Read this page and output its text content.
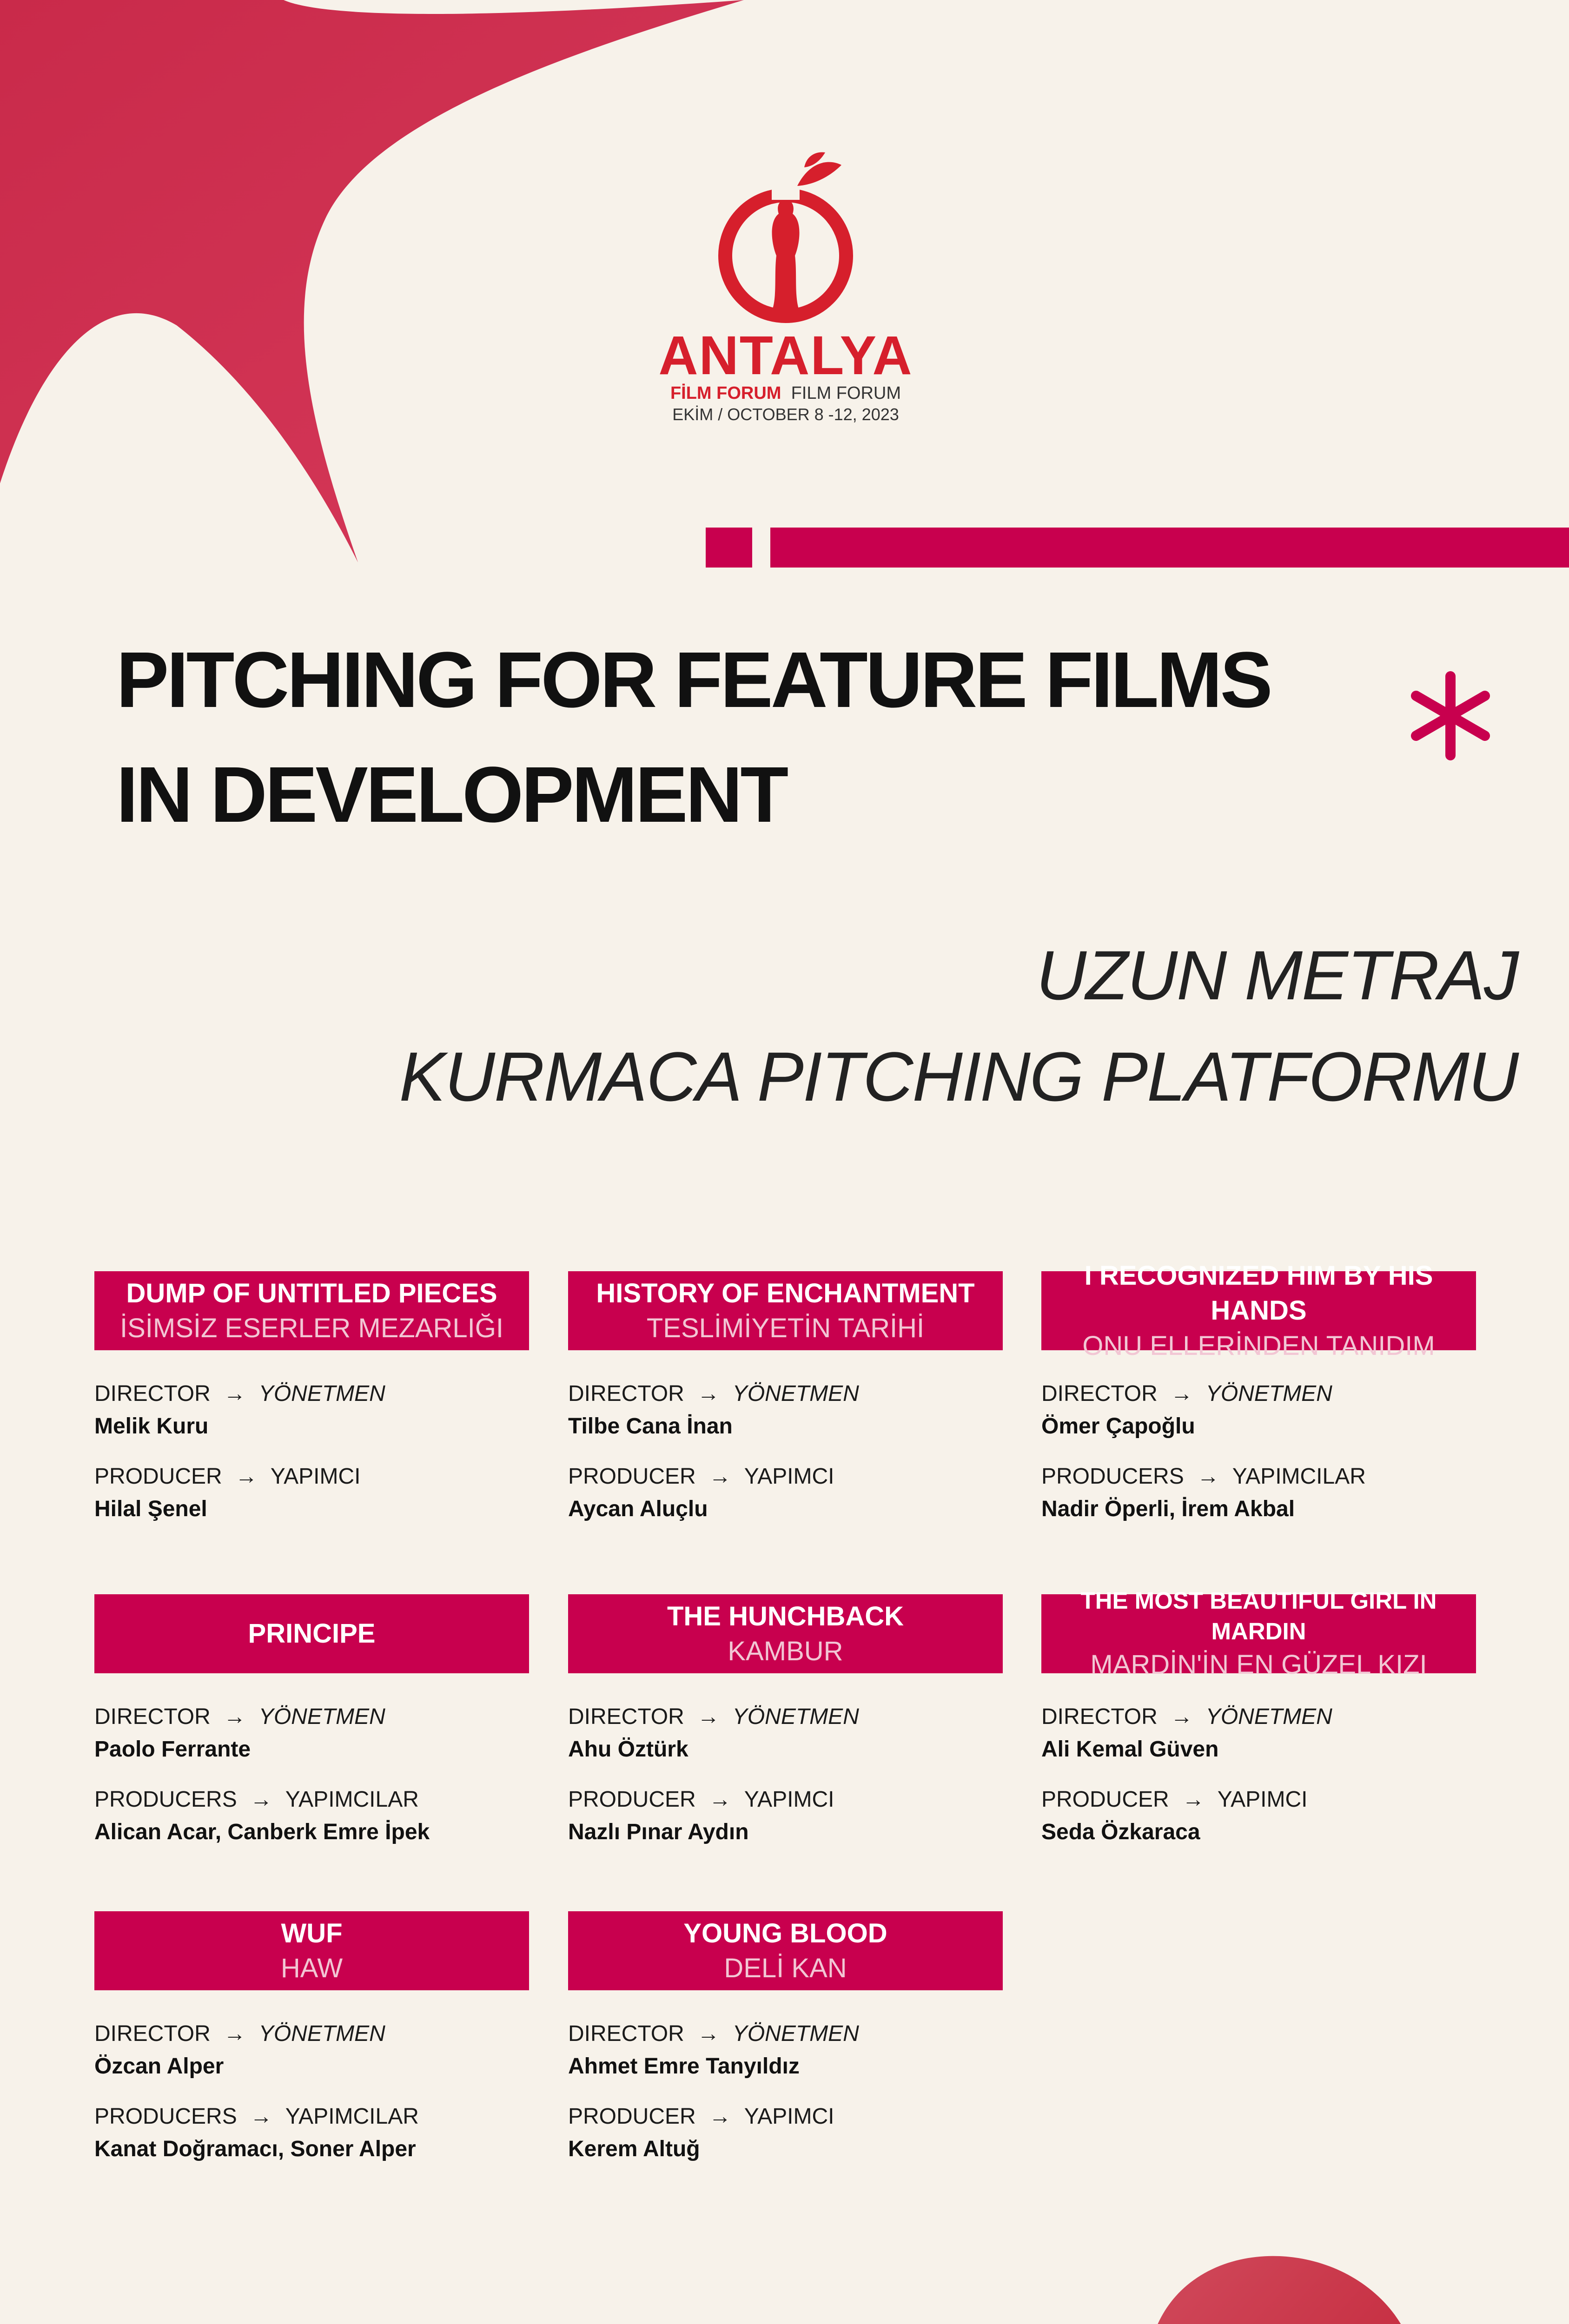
ANTALYA
FİLM FORUM FILM FORUM
EKİM / OCTOBER 8 -12, 2023
PITCHING FOR FEATURE FILMS
IN DEVELOPMENT
UZUN METRAJ
KURMACA PITCHING PLATFORMU
DUMP OF UNTITLED PIECES
İSİMSİZ ESERLER MEZARLIĞI
DIRECTOR → YÖNETMEN
Melik Kuru
PRODUCER → YAPIMCI
Hilal Şenel
HISTORY OF ENCHANTMENT
TESLİMİYETİN TARİHİ
DIRECTOR → YÖNETMEN
Tilbe Cana İnan
PRODUCER → YAPIMCI
Aycan Aluçlu
I RECOGNIZED HIM BY HIS HANDS
ONU ELLERİNDEN TANIDIM
DIRECTOR → YÖNETMEN
Ömer Çapoğlu
PRODUCERS → YAPIMCILAR
Nadir Öperli, İrem Akbal
PRINCIPE
DIRECTOR → YÖNETMEN
Paolo Ferrante
PRODUCERS → YAPIMCILAR
Alican Acar, Canberk Emre İpek
THE HUNCHBACK
KAMBUR
DIRECTOR → YÖNETMEN
Ahu Öztürk
PRODUCER → YAPIMCI
Nazlı Pınar Aydın
THE MOST BEAUTIFUL GIRL IN MARDIN
MARDİN'İN EN GÜZEL KIZI
DIRECTOR → YÖNETMEN
Ali Kemal Güven
PRODUCER → YAPIMCI
Seda Özkaraca
WUF
HAW
DIRECTOR → YÖNETMEN
Özcan Alper
PRODUCERS → YAPIMCILAR
Kanat Doğramacı, Soner Alper
YOUNG BLOOD
DELİ KAN
DIRECTOR → YÖNETMEN
Ahmet Emre Tanyıldız
PRODUCER → YAPIMCI
Kerem Altuğ
